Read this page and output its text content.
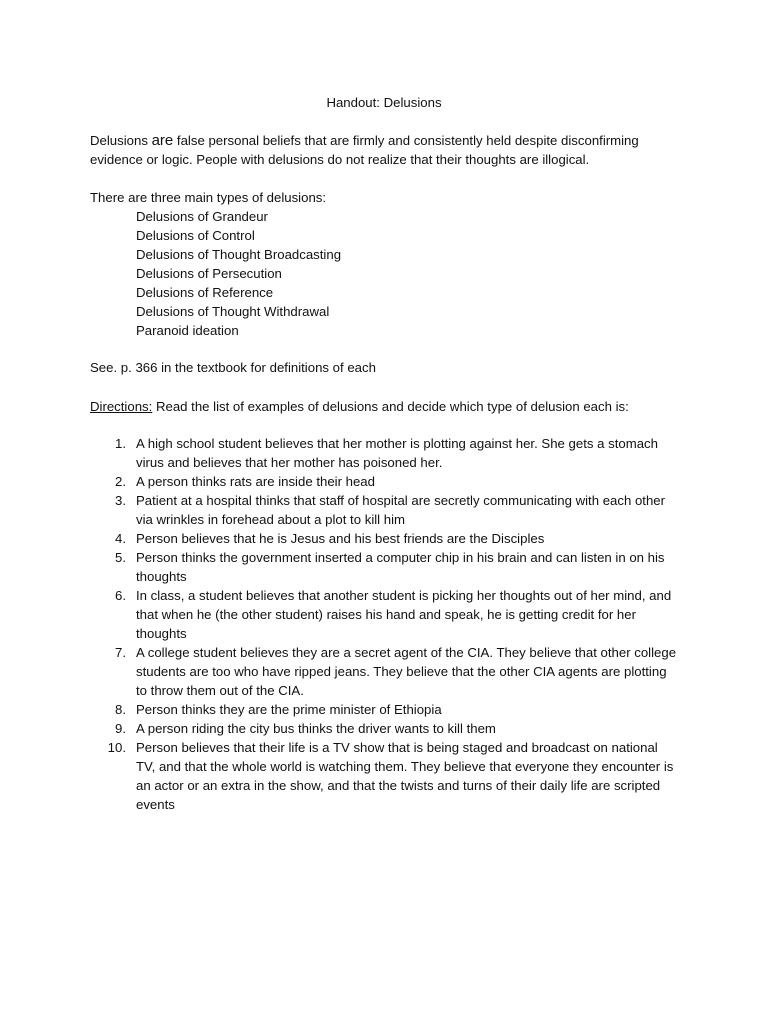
Handout: Delusions
Delusions are false personal beliefs that are firmly and consistently held despite disconfirming evidence or logic. People with delusions do not realize that their thoughts are illogical.
There are three main types of delusions:
Delusions of Grandeur
Delusions of Control
Delusions of Thought Broadcasting
Delusions of Persecution
Delusions of Reference
Delusions of Thought Withdrawal
Paranoid ideation
See. p. 366 in the textbook for definitions of each
Directions: Read the list of examples of delusions and decide which type of delusion each is:
1. A high school student believes that her mother is plotting against her. She gets a stomach virus and believes that her mother has poisoned her.
2. A person thinks rats are inside their head
3. Patient at a hospital thinks that staff of hospital are secretly communicating with each other via wrinkles in forehead about a plot to kill him
4. Person believes that he is Jesus and his best friends are the Disciples
5. Person thinks the government inserted a computer chip in his brain and can listen in on his thoughts
6. In class, a student believes that another student is picking her thoughts out of her mind, and that when he (the other student) raises his hand and speak, he is getting credit for her thoughts
7. A college student believes they are a secret agent of the CIA. They believe that other college students are too who have ripped jeans. They believe that the other CIA agents are plotting to throw them out of the CIA.
8. Person thinks they are the prime minister of Ethiopia
9. A person riding the city bus thinks the driver wants to kill them
10. Person believes that their life is a TV show that is being staged and broadcast on national TV, and that the whole world is watching them. They believe that everyone they encounter is an actor or an extra in the show, and that the twists and turns of their daily life are scripted events
